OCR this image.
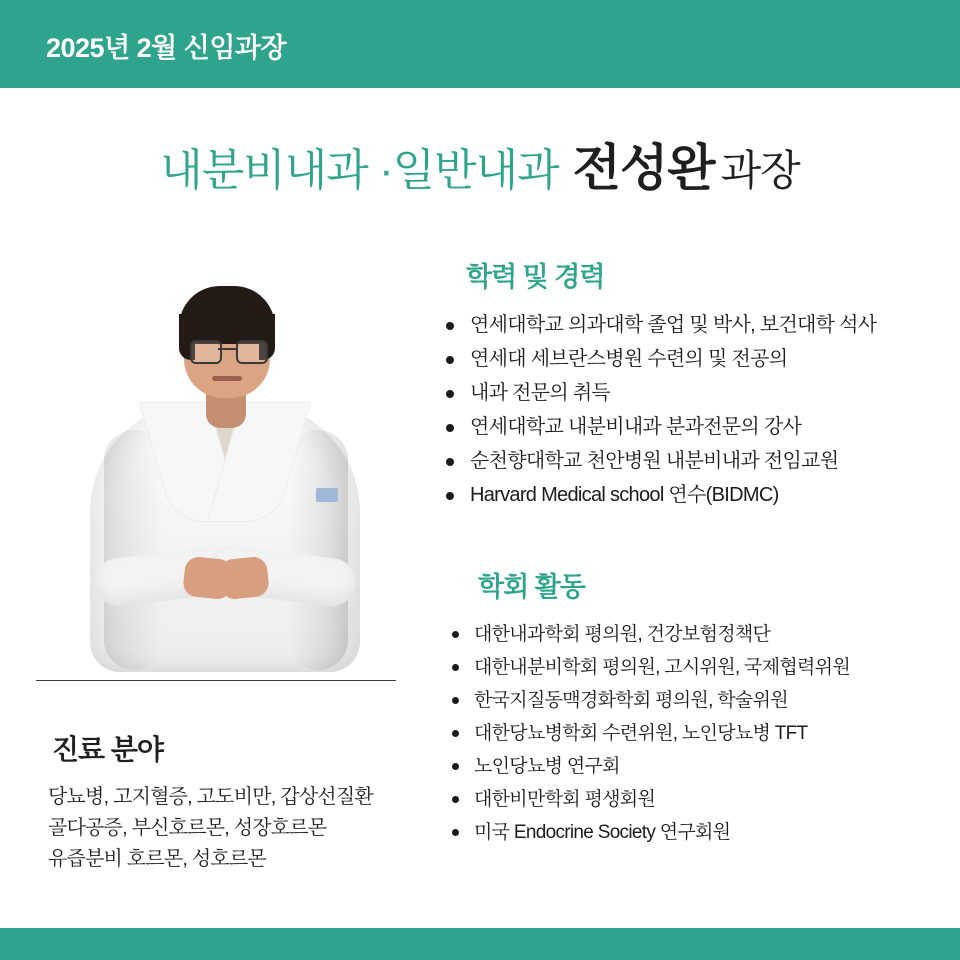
2025년 2월 신임과장
내분비내과 ·일반내과 전성완 과장
진료 분야
당뇨병, 고지혈증, 고도비만, 갑상선질환
골다공증, 부신호르몬, 성장호르몬
유즙분비 호르몬, 성호르몬
학력 및 경력
연세대학교 의과대학 졸업 및 박사, 보건대학 석사
연세대 세브란스병원 수련의 및 전공의
내과 전문의 취득
연세대학교 내분비내과 분과전문의 강사
순천향대학교 천안병원 내분비내과 전임교원
Harvard Medical school 연수(BIDMC)
학회 활동
대한내과학회 평의원, 건강보험정책단
대한내분비학회 평의원, 고시위원, 국제협력위원
한국지질동맥경화학회 평의원, 학술위원
대한당뇨병학회 수련위원, 노인당뇨병 TFT
노인당뇨병 연구회
대한비만학회 평생회원
미국 Endocrine Society 연구회원
